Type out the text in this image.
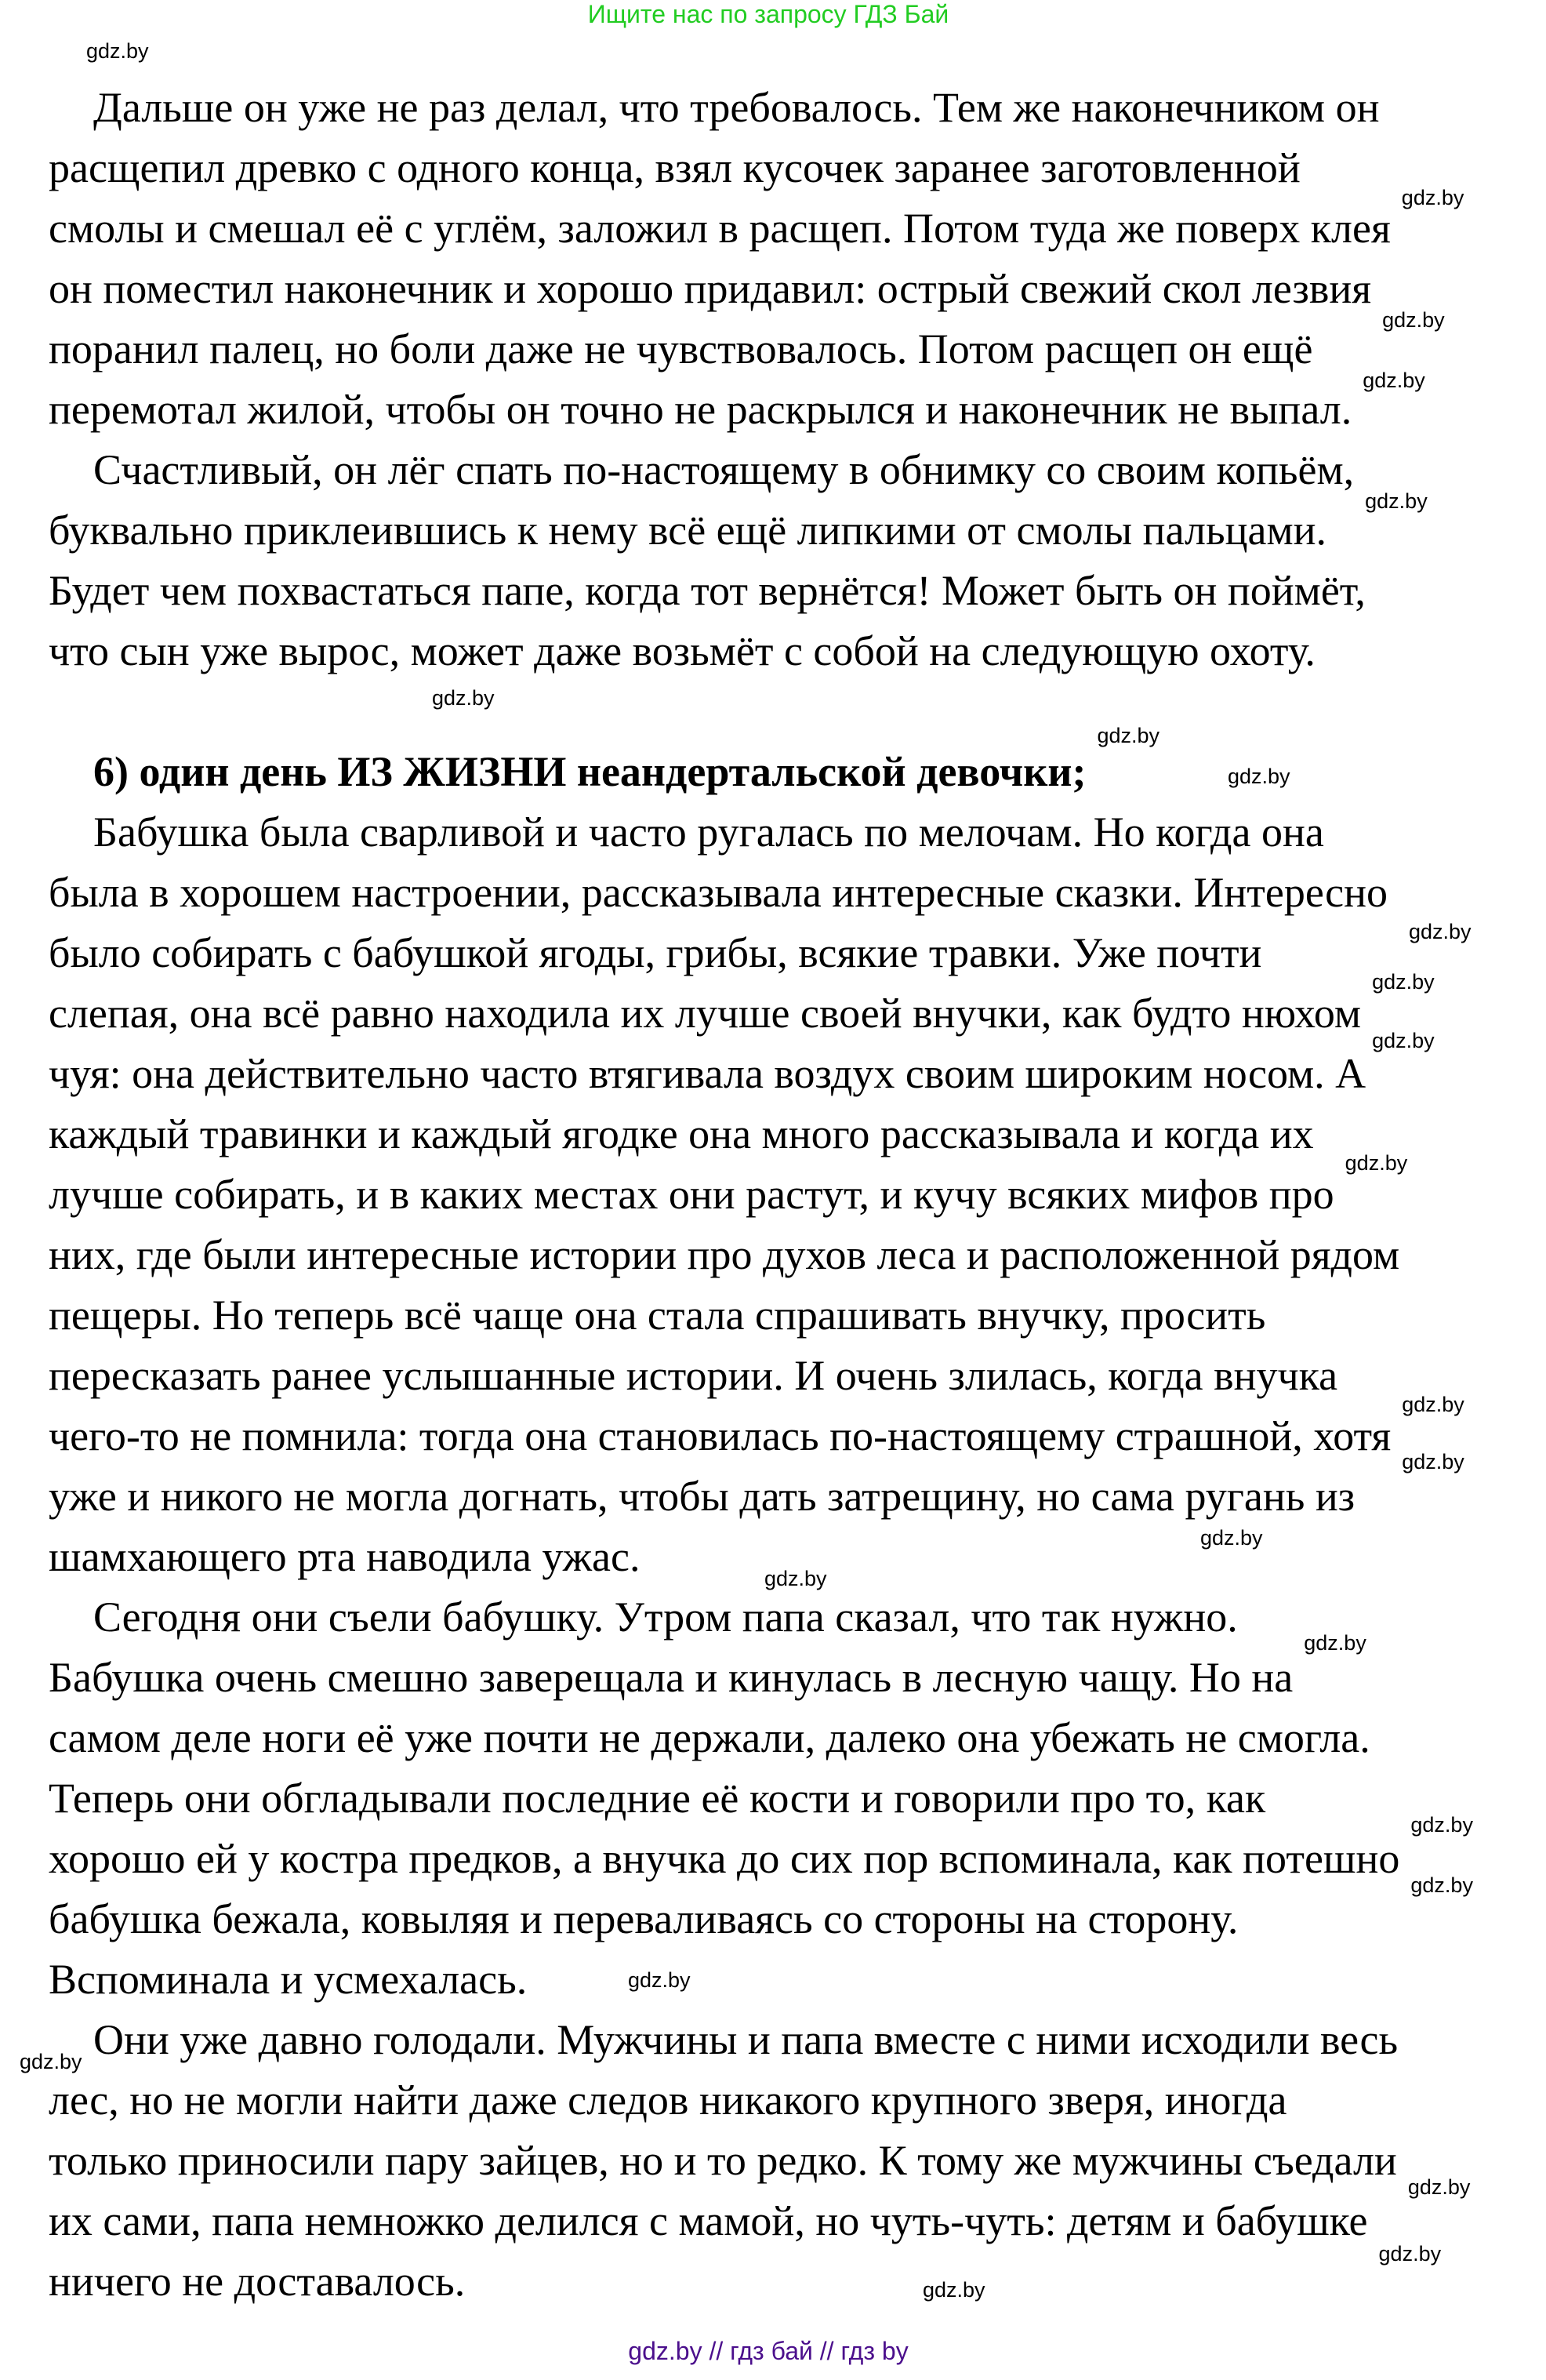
Ищите нас по запросу ГДЗ Бай
Дальше он уже не раз делал, что требовалось. Тем же наконечником он
расщепил древко с одного конца, взял кусочек заранее заготовленной
смолы и смешал её с углём, заложил в расщеп. Потом туда же поверх клея
он поместил наконечник и хорошо придавил: острый свежий скол лезвия
поранил палец, но боли даже не чувствовалось. Потом расщеп он ещё
перемотал жилой, чтобы он точно не раскрылся и наконечник не выпал.
Счастливый, он лёг спать по-настоящему в обнимку со своим копьём,
буквально приклеившись к нему всё ещё липкими от смолы пальцами.
Будет чем похвастаться папе, когда тот вернётся! Может быть он поймёт,
что сын уже вырос, может даже возьмёт с собой на следующую охоту.
6) один день ИЗ ЖИЗНИ неандертальской девочки;
Бабушка была сварливой и часто ругалась по мелочам. Но когда она
была в хорошем настроении, рассказывала интересные сказки. Интересно
было собирать с бабушкой ягоды, грибы, всякие травки. Уже почти
слепая, она всё равно находила их лучше своей внучки, как будто нюхом
чуя: она действительно часто втягивала воздух своим широким носом. А
каждый травинки и каждый ягодке она много рассказывала и когда их
лучше собирать, и в каких местах они растут, и кучу всяких мифов про
них, где были интересные истории про духов леса и расположенной рядом
пещеры. Но теперь всё чаще она стала спрашивать внучку, просить
пересказать ранее услышанные истории. И очень злилась, когда внучка
чего-то не помнила: тогда она становилась по-настоящему страшной, хотя
уже и никого не могла догнать, чтобы дать затрещину, но сама ругань из
шамхающего рта наводила ужас.
Сегодня они съели бабушку. Утром папа сказал, что так нужно.
Бабушка очень смешно заверещала и кинулась в лесную чащу. Но на
самом деле ноги её уже почти не держали, далеко она убежать не смогла.
Теперь они обгладывали последние её кости и говорили про то, как
хорошо ей у костра предков, а внучка до сих пор вспоминала, как потешно
бабушка бежала, ковыляя и переваливаясь со стороны на сторону.
Вспоминала и усмехалась.
Они уже давно голодали. Мужчины и папа вместе с ними исходили весь
лес, но не могли найти даже следов никакого крупного зверя, иногда
только приносили пару зайцев, но и то редко. К тому же мужчины съедали
их сами, папа немножко делился с мамой, но чуть-чуть: детям и бабушке
ничего не доставалось.
gdz.by
gdz.by
gdz.by
gdz.by
gdz.by
gdz.by
gdz.by
gdz.by
gdz.by
gdz.by
gdz.by
gdz.by
gdz.by
gdz.by
gdz.by
gdz.by
gdz.by
gdz.by
gdz.by
gdz.by
gdz.by
gdz.by
gdz.by
gdz.by
gdz.by // гдз бай // гдз by
